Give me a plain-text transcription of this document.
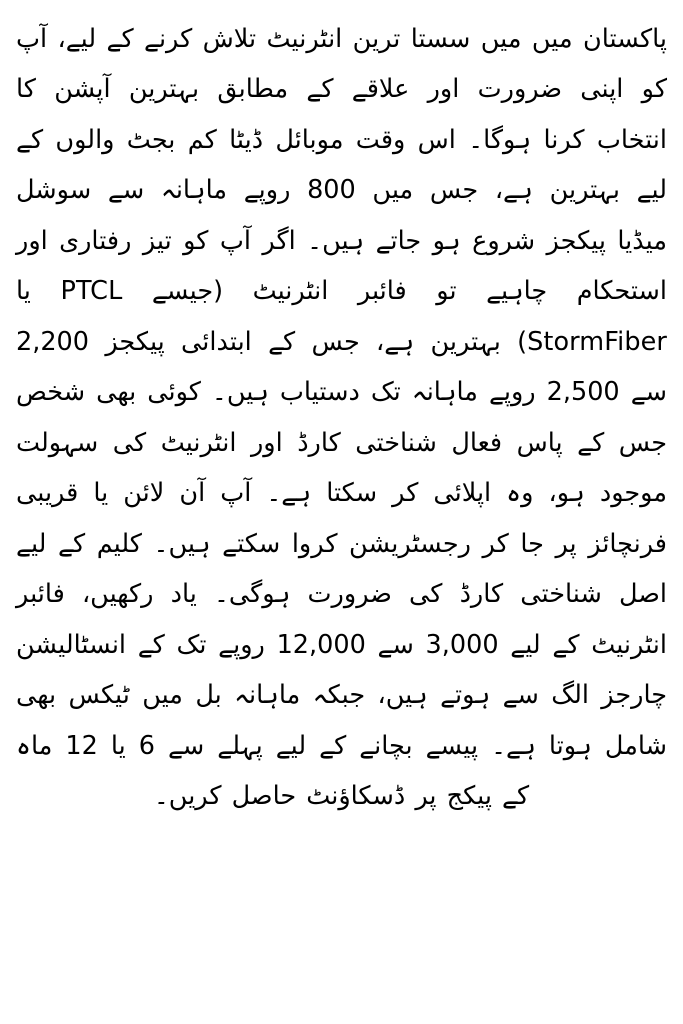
پاکستان میں میں سستا ترین انٹرنیٹ تلاش کرنے کے لیے، آپ کو اپنی ضرورت اور علاقے کے مطابق بہترین آپشن کا انتخاب کرنا ہوگا۔ اس وقت موبائل ڈیٹا کم بجٹ والوں کے لیے بہترین ہے، جس میں 800 روپے ماہانہ سے سوشل میڈیا پیکجز شروع ہو جاتے ہیں۔ اگر آپ کو تیز رفتاری اور استحکام چاہیے تو فائبر انٹرنیٹ (جیسے PTCL یا StormFiber) بہترین ہے، جس کے ابتدائی پیکجز 2,200 سے 2,500 روپے ماہانہ تک دستیاب ہیں۔ کوئی بھی شخص جس کے پاس فعال شناختی کارڈ اور انٹرنیٹ کی سہولت موجود ہو، وہ اپلائی کر سکتا ہے۔ آپ آن لائن یا قریبی فرنچائز پر جا کر رجسٹریشن کروا سکتے ہیں۔ کلیم کے لیے اصل شناختی کارڈ کی ضرورت ہوگی۔ یاد رکھیں، فائبر انٹرنیٹ کے لیے 3,000 سے 12,000 روپے تک کے انسٹالیشن چارجز الگ سے ہوتے ہیں، جبکہ ماہانہ بل میں ٹیکس بھی شامل ہوتا ہے۔ پیسے بچانے کے لیے پہلے سے 6 یا 12 ماہ کے پیکج پر ڈسکاؤنٹ حاصل کریں۔
